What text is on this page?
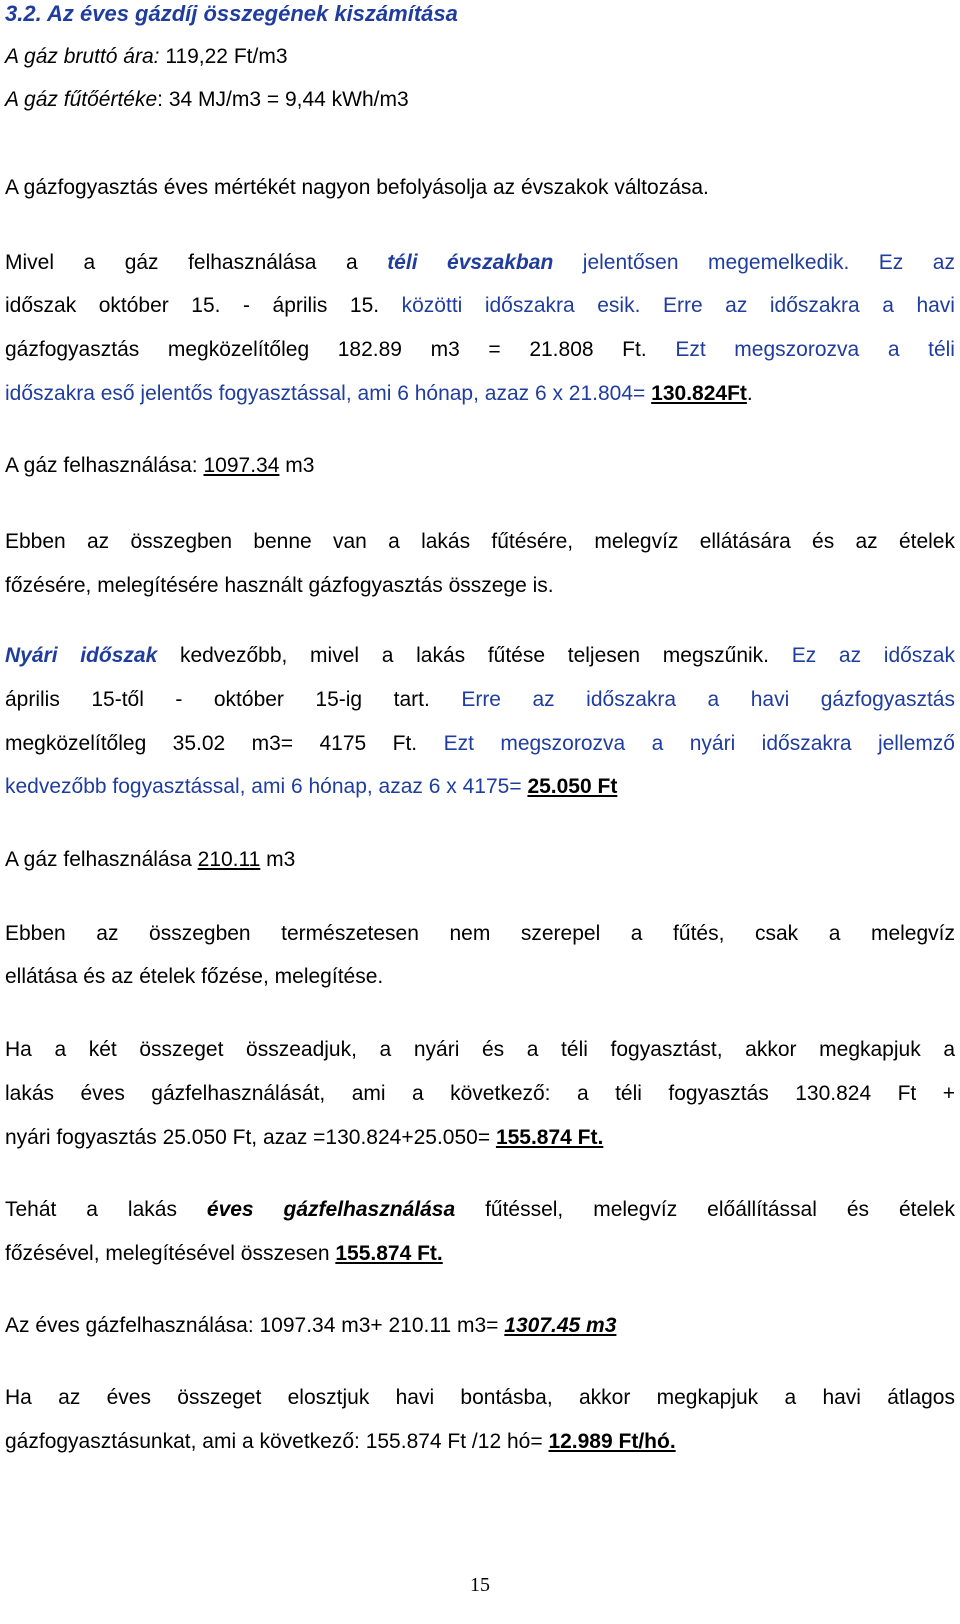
3.2. Az éves gázdíj összegének kiszámítása
A gáz bruttó ára: 119,22 Ft/m3
A gáz fűtőértéke: 34 MJ/m3 = 9,44 kWh/m3
A gázfogyasztás éves mértékét nagyon befolyásolja az évszakok változása.
Mivel a gáz felhasználása a téli évszakban jelentősen megemelkedik. Ez az
időszak október 15. - április 15. közötti időszakra esik. Erre az időszakra a havi
gázfogyasztás megközelítőleg 182.89 m3 = 21.808 Ft. Ezt megszorozva a téli
időszakra eső jelentős fogyasztással, ami 6 hónap, azaz 6 x 21.804= 130.824Ft.
A gáz felhasználása: 1097.34 m3
Ebben az összegben benne van a lakás fűtésére, melegvíz ellátására és az ételek
főzésére, melegítésére használt gázfogyasztás összege is.
Nyári időszak kedvezőbb, mivel a lakás fűtése teljesen megszűnik. Ez az időszak
április 15-től - október 15-ig tart. Erre az időszakra a havi gázfogyasztás
megközelítőleg 35.02 m3= 4175 Ft. Ezt megszorozva a nyári időszakra jellemző
kedvezőbb fogyasztással, ami 6 hónap, azaz 6 x 4175= 25.050 Ft
A gáz felhasználása 210.11 m3
Ebben az összegben természetesen nem szerepel a fűtés, csak a melegvíz
ellátása és az ételek főzése, melegítése.
Ha a két összeget összeadjuk, a nyári és a téli fogyasztást, akkor megkapjuk a
lakás éves gázfelhasználását, ami a következő: a téli fogyasztás 130.824 Ft +
nyári fogyasztás 25.050 Ft, azaz =130.824+25.050= 155.874 Ft.
Tehát a lakás éves gázfelhasználása fűtéssel, melegvíz előállítással és ételek
főzésével, melegítésével összesen 155.874 Ft.
Az éves gázfelhasználása: 1097.34 m3+ 210.11 m3= 1307.45 m3
Ha az éves összeget elosztjuk havi bontásba, akkor megkapjuk a havi átlagos
gázfogyasztásunkat, ami a következő: 155.874 Ft /12 hó= 12.989 Ft/hó.
15
